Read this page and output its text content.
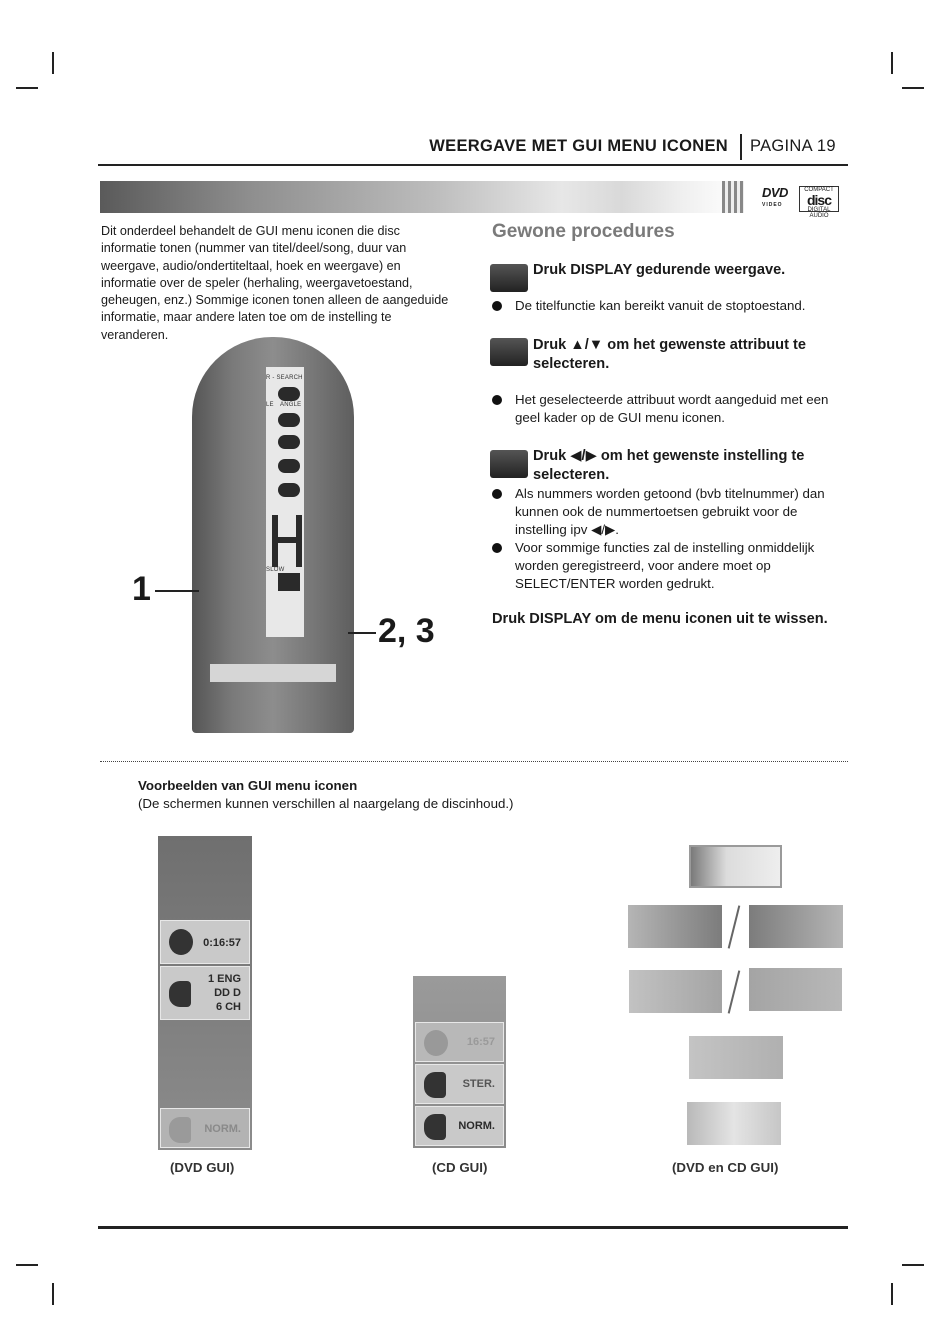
WEERGAVE MET GUI MENU ICONEN PAGINA 19
DVD
VIDEO
COMPACT
disc
DIGITAL AUDIO
Dit onderdeel behandelt de GUI menu iconen die disc informatie tonen (nummer van titel/deel/song, duur van weergave, audio/ondertiteltaal, hoek en weergave) en informatie over de speler (herhaling, weergavetoestand, geheugen, enz.) Sommige iconen tonen alleen de aangeduide informatie, maar andere laten toe om de instelling te veranderen.
R - SEARCH
LE ANGLE
SLOW
1
2, 3
Gewone procedures
Druk DISPLAY gedurende weergave.
De titelfunctie kan bereikt vanuit de stoptoestand.
Druk ▲/▼ om het gewenste attribuut te selecteren.
Het geselecteerde attribuut wordt aangeduid met een geel kader op de GUI menu iconen.
Druk ◀/▶ om het gewenste instelling te selecteren.
Als nummers worden getoond (bvb titelnummer) dan kunnen ook de nummertoetsen gebruikt voor de instelling ipv ◀/▶.
Voor sommige functies zal de instelling onmiddelijk worden geregistreerd, voor andere moet op SELECT/ENTER worden gedrukt.
Druk DISPLAY om de menu iconen uit te wissen.
Voorbeelden van GUI menu iconen
(De schermen kunnen verschillen al naargelang de discinhoud.)
0:16:57
1 ENG
DD D
6 CH
NORM.
(DVD GUI)
16:57
STER.
NORM.
(CD GUI)	(DVD en CD GUI)
